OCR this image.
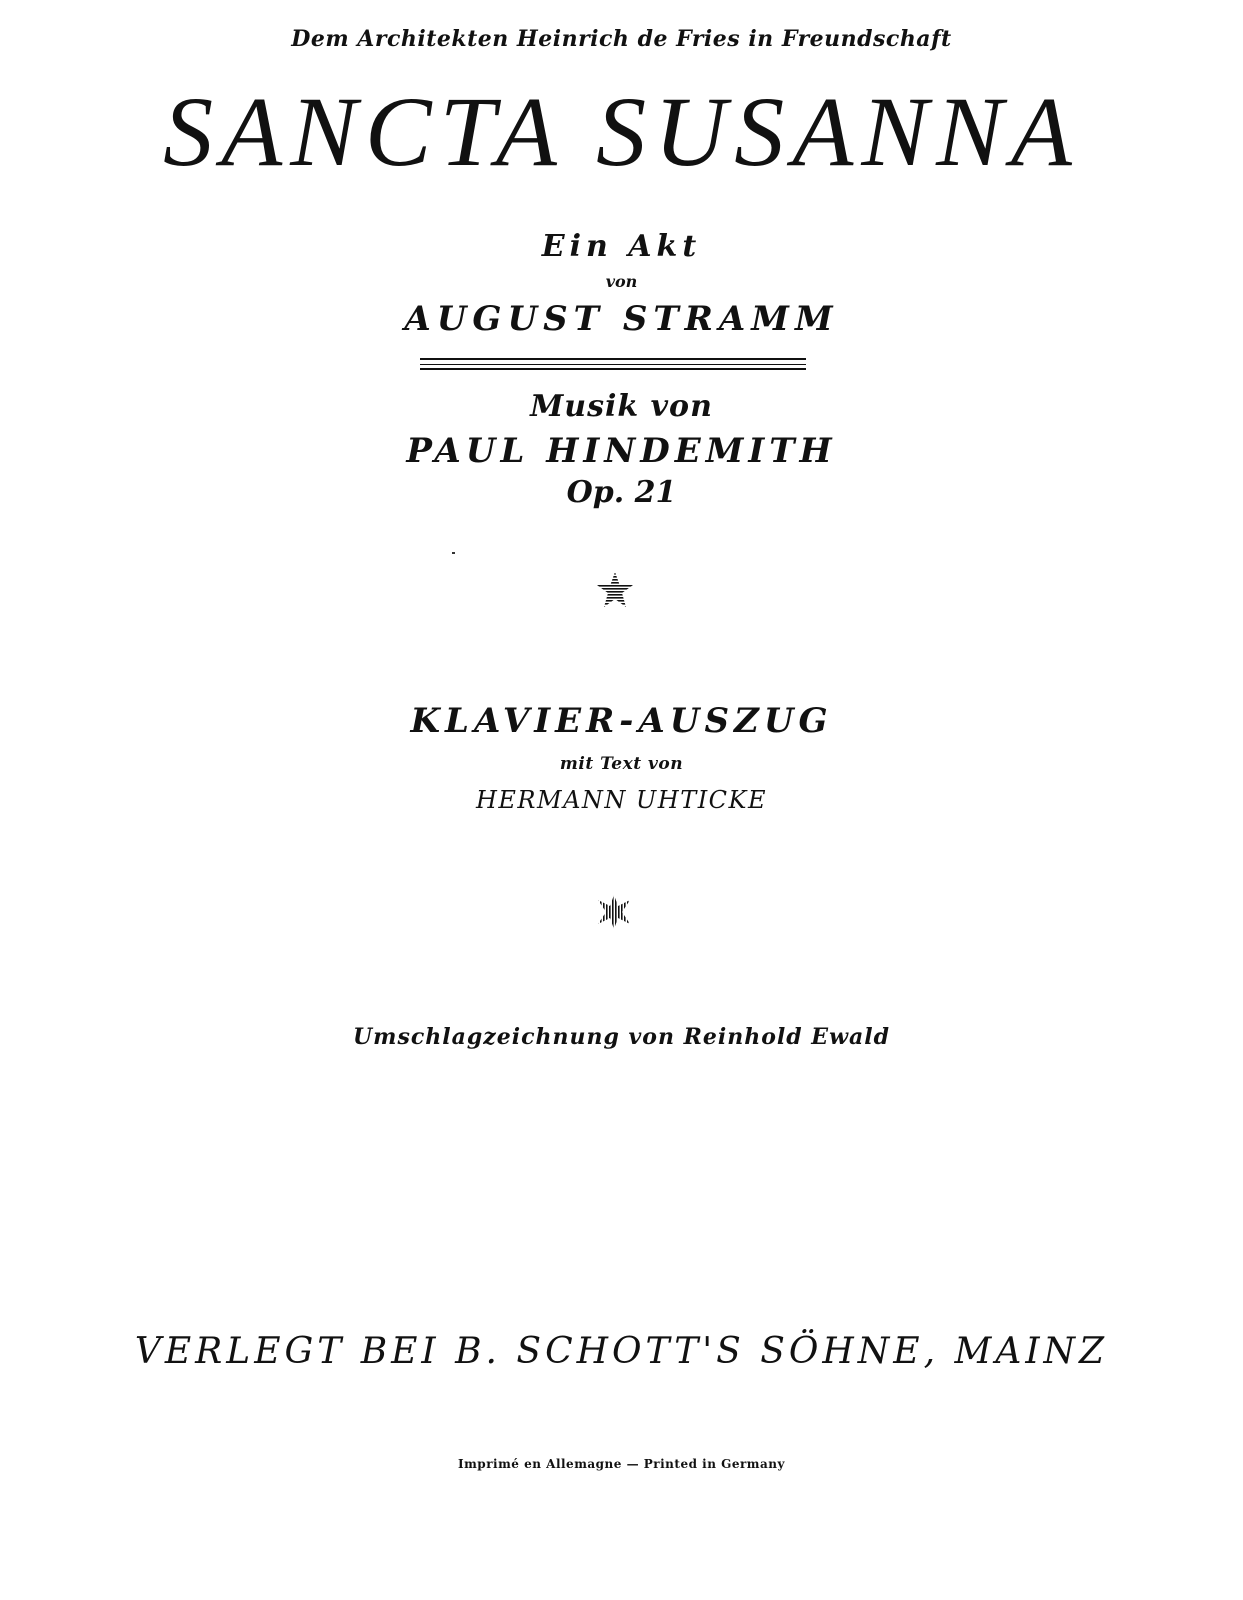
Dem Architekten Heinrich de Fries in Freundschaft
SANCTA SUSANNA
Ein Akt
von
AUGUST STRAMM
Musik von
PAUL HINDEMITH
Op. 21
KLAVIER-AUSZUG
mit Text von
HERMANN UHTICKE
Umschlagzeichnung von Reinhold Ewald
VERLEGT BEI B. SCHOTT'S SÖHNE, MAINZ
Imprimé en Allemagne — Printed in Germany
